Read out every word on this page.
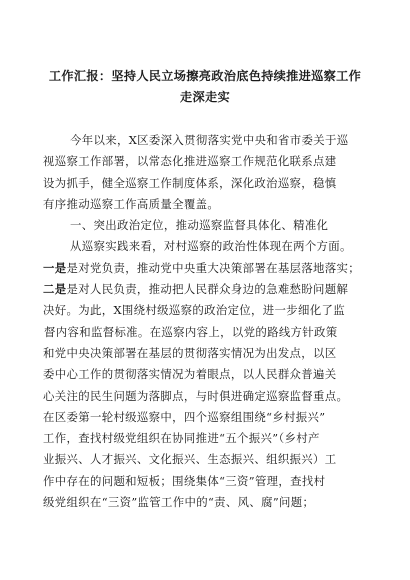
工作汇报：坚持人民立场擦亮政治底色持续推进巡察工作
走深走实
今年以来，X区委深入贯彻落实党中央和省市委关于巡
视巡察工作部署，以常态化推进巡察工作规范化联系点建
设为抓手，健全巡察工作制度体系，深化政治巡察，稳慎
有序推动巡察工作高质量全覆盖。
一、突出政治定位，推动巡察监督具体化、精准化
从巡察实践来看，对村巡察的政治性体现在两个方面。
一是是对党负责，推动党中央重大决策部署在基层落地落实；
二是是对人民负责，推动把人民群众身边的急难愁盼问题解
决好。为此，X围绕村级巡察的政治定位，进一步细化了监
督内容和监督标准。在巡察内容上，以党的路线方针政策
和党中央决策部署在基层的贯彻落实情况为出发点，以区
委中心工作的贯彻落实情况为着眼点，以人民群众普遍关
心关注的民生问题为落脚点，与时俱进确定巡察监督重点。
在区委第一轮村级巡察中，四个巡察组围绕“乡村振兴”
工作，查找村级党组织在协同推进“五个振兴”（乡村产
业振兴、人才振兴、文化振兴、生态振兴、组织振兴）工
作中存在的问题和短板；围绕集体“三资”管理，查找村
级党组织在“三资”监管工作中的“责、风、腐”问题；
